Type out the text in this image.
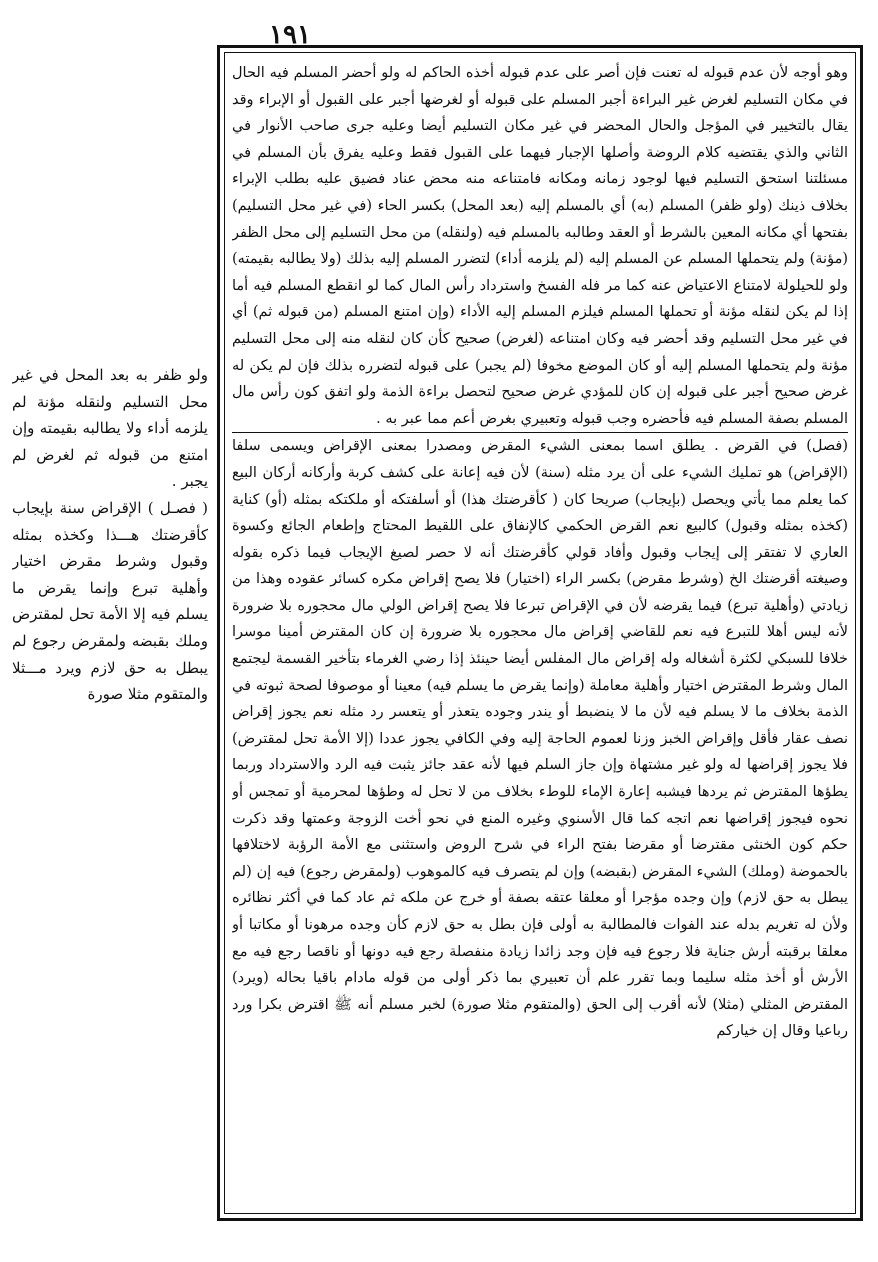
١٩١

وهو أوجه لأن عدم قبوله له تعنت فإن أصر على عدم قبوله أخذه الحاكم له ولو أحضر المسلم فيه الحال في مكان التسليم لغرض غير البراءة أجبر المسلم على قبوله أو لغرضها أجبر على القبول أو الإبراء وقد يقال بالتخيير في المؤجل والحال المحضر في غير مكان التسليم أيضا وعليه جرى صاحب الأنوار في الثاني والذي يقتضيه كلام الروضة وأصلها الإجبار فيهما على القبول فقط وعليه يفرق بأن المسلم في مسئلتنا استحق التسليم فيها لوجود زمانه ومكانه فامتناعه منه محض عناد فضيق عليه بطلب الإبراء بخلاف ذينك (ولو ظفر) المسلم (به) أي بالمسلم إليه (بعد المحل) بكسر الحاء (في غير محل التسليم) بفتحها أي مكانه المعين بالشرط أو العقد وطالبه بالمسلم فيه (ولنقله) من محل التسليم إلى محل الظفر (مؤنة) ولم يتحملها المسلم عن المسلم إليه (لم يلزمه أداء) لتضرر المسلم إليه بذلك (ولا يطالبه بقيمته) ولو للحيلولة لامتناع الاعتياض عنه كما مر فله الفسخ واسترداد رأس المال كما لو انقطع المسلم فيه أما إذا لم يكن لنقله مؤنة أو تحملها المسلم فيلزم المسلم إليه الأداء (وإن امتنع المسلم (من قبوله ثم) أي في غير محل التسليم وقد أحضر فيه وكان امتناعه (لغرض) صحيح كأن كان لنقله منه إلى محل التسليم مؤنة ولم يتحملها المسلم إليه أو كان الموضع مخوفا (لم يجبر) على قبوله لتضرره بذلك فإن لم يكن له غرض صحيح أجبر على قبوله إن كان للمؤدي غرض صحيح لتحصل براءة الذمة ولو اتفق كون رأس مال المسلم بصفة المسلم فيه فأحضره وجب قبوله وتعبيري بغرض أعم مما عبر به .

(فصل) في القرض . يطلق اسما بمعنى الشيء المقرض ومصدرا بمعنى الإقراض ويسمى سلفا (الإقراض) هو تمليك الشيء على أن يرد مثله (سنة) لأن فيه إعانة على كشف كربة وأركانه أركان البيع كما يعلم مما يأتي ويحصل (بإيجاب) صريحا كان ( كأقرضتك هذا) أو أسلفتكه أو ملكتكه بمثله (أو) كناية (كخذه بمثله وقبول) كالبيع نعم القرض الحكمي كالإنفاق على اللقيط المحتاج وإطعام الجائع وكسوة العاري لا تفتقر إلى إيجاب وقبول وأفاد قولي كأقرضتك أنه لا حصر لصيغ الإيجاب فيما ذكره بقوله وصيغته أقرضتك الخ (وشرط مقرض) بكسر الراء (اختيار) فلا يصح إقراض مكره كسائر عقوده وهذا من زيادتي (وأهلية تبرع) فيما يقرضه لأن في الإقراض تبرعا فلا يصح إقراض الولي مال محجوره بلا ضرورة لأنه ليس أهلا للتبرع فيه نعم للقاضي إقراض مال محجوره بلا ضرورة إن كان المقترض أمينا موسرا خلافا للسبكي لكثرة أشغاله وله إقراض مال المفلس أيضا حينئذ إذا رضي الغرماء بتأخير القسمة ليجتمع المال وشرط المقترض اختيار وأهلية معاملة (وإنما يقرض ما يسلم فيه) معينا أو موصوفا لصحة ثبوته في الذمة بخلاف ما لا يسلم فيه لأن ما لا ينضبط أو يندر وجوده يتعذر أو يتعسر رد مثله نعم يجوز إقراض نصف عقار فأقل وإقراض الخبز وزنا لعموم الحاجة إليه وفي الكافي يجوز عددا (إلا الأمة تحل لمقترض) فلا يجوز إقراضها له ولو غير مشتهاة وإن جاز السلم فيها لأنه عقد جائز يثبت فيه الرد والاسترداد وربما يطؤها المقترض ثم يردها فيشبه إعارة الإماء للوطء بخلاف من لا تحل له وطؤها لمحرمية أو تمجس أو نحوه فيجوز إقراضها نعم اتجه كما قال الأسنوي وغيره المنع في نحو أخت الزوجة وعمتها وقد ذكرت حكم كون الخنثى مقترضا أو مقرضا بفتح الراء في شرح الروض واستثنى مع الأمة الرؤبة لاختلافها بالحموضة (وملك) الشيء المقرض (بقبضه) وإن لم يتصرف فيه كالموهوب (ولمقرض رجوع) فيه إن (لم يبطل به حق لازم) وإن وجده مؤجرا أو معلقا عتقه بصفة أو خرج عن ملكه ثم عاد كما في أكثر نظائره ولأن له تغريم بدله عند الفوات فالمطالبة به أولى فإن بطل به حق لازم كأن وجده مرهونا أو مكاتبا أو معلقا برقبته أرش جناية فلا رجوع فيه فإن وجد زائدا زيادة منفصلة رجع فيه دونها أو ناقصا رجع فيه مع الأرش أو أخذ مثله سليما وبما تقرر علم أن تعبيري بما ذكر أولى من قوله مادام باقيا بحاله (ويرد) المقترض المثلي (مثلا) لأنه أقرب إلى الحق (والمتقوم مثلا صورة) لخبر مسلم أنه ﷺ اقترض بكرا ورد رباعيا وقال إن خياركم

ولو ظفر به بعد المحل في غير محل التسليم ولنقله مؤنة لم يلزمه أداء ولا يطالبه بقيمته وإن امتنع من قبوله ثم لغرض لم يجبر .

( فصـل ) الإقراض سنة بإيجاب كأقرضتك هـــذا وكخذه بمثله وقبول وشرط مقرض اختيار وأهلية تبرع وإنما يقرض ما يسلم فيه إلا الأمة تحل لمقترض وملك بقبضه ولمقرض رجوع لم يبطل به حق لازم ويرد مـــثلا والمتقوم مثلا صورة
